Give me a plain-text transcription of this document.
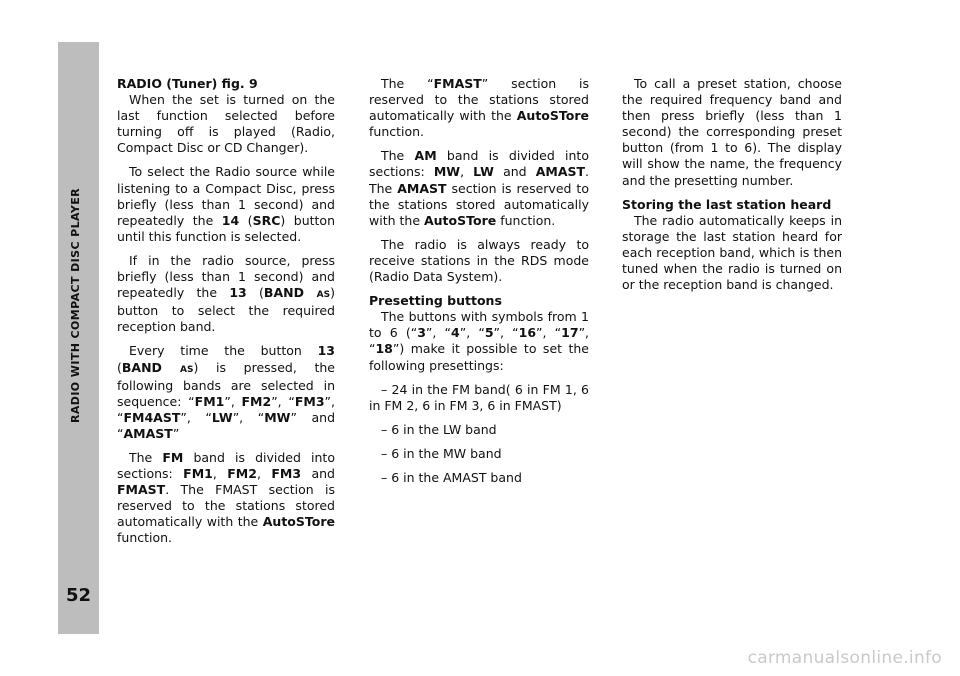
RADIO WITH COMPACT DISC PLAYER
52
RADIO (Tuner) fig. 9

When the set is turned on the last function selected before turning off is played (Radio, Compact Disc or CD Changer).

To select the Radio source while listening to a Compact Disc, press briefly (less than 1 second) and repeatedly the 14 (SRC) button until this function is selected.

If in the radio source, press briefly (less than 1 second) and repeatedly the 13 (BAND AS) button to select the required reception band.

Every time the button 13 (BAND AS) is pressed, the following bands are selected in sequence: “FM1”, FM2”, “FM3”, “FM4AST”, “LW”, “MW” and “AMAST”

The FM band is divided into sections: FM1, FM2, FM3 and FMAST. The FMAST section is reserved to the stations stored automatically with the AutoSTore function.

The “FMAST” section is reserved to the stations stored automatically with the AutoSTore function.

The AM band is divided into sections: MW, LW and AMAST. The AMAST section is reserved to the stations stored automatically with the AutoSTore function.

The radio is always ready to receive stations in the RDS mode (Radio Data System).

Presetting buttons

The buttons with symbols from 1 to 6 (“3”, “4”, “5”, “16”, “17”, “18”) make it possible to set the following presettings:

– 24 in the FM band( 6 in FM 1, 6 in FM 2, 6 in FM 3, 6 in FMAST)

– 6 in the LW band

– 6 in the MW band

– 6 in the AMAST band

To call a preset station, choose the required frequency band and then press briefly (less than 1 second) the corresponding preset button (from 1 to 6). The display will show the name, the frequency and the presetting number.

Storing the last station heard

The radio automatically keeps in storage the last station heard for each reception band, which is then tuned when the radio is turned on or the reception band is changed.

carmanualsonline.info
